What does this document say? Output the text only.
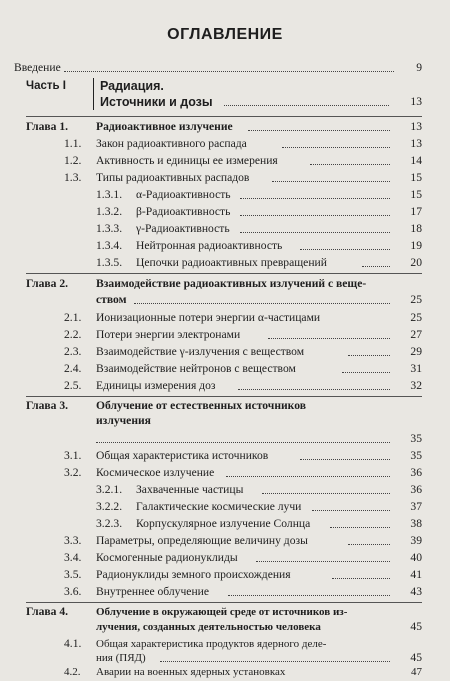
ОГЛАВЛЕНИЕ
Введение	9
Часть I	Радиация.
Источники и дозы	13
Глава 1. Радиоактивное излучение	13
1.1. Закон радиоактивного распада	13
1.2. Активность и единицы ее измерения	14
1.3. Типы радиоактивных распадов	15
1.3.1. α-Радиоактивность	15
1.3.2. β-Радиоактивность	17
1.3.3. γ-Радиоактивность	18
1.3.4. Нейтронная радиоактивность	19
1.3.5. Цепочки радиоактивных превращений	20
Глава 2. Взаимодействие радиоактивных излучений с веще-
ством	25
2.1. Ионизационные потери энергии α-частицами	25
2.2. Потери энергии электронами	27
2.3. Взаимодействие γ-излучения с веществом	29
2.4. Взаимодействие нейтронов с веществом	31
2.5. Единицы измерения доз	32
Глава 3. Облучение от естественных источников
излучения
35
3.1. Общая характеристика источников	35
3.2. Космическое излучение	36
3.2.1. Захваченные частицы	36
3.2.2. Галактические космические лучи	37
3.2.3. Корпускулярное излучение Солнца	38
3.3. Параметры, определяющие величину дозы	39
3.4. Космогенные радионуклиды	40
3.5. Радионуклиды земного происхождения	41
3.6. Внутреннее облучение	43
Глава 4.	Облучение в окружающей среде от источников из-
лучения, созданных деятельностью человека	45
4.1. Общая характеристика продуктов ядерного деле-
ния (ПЯД)	45
4.2. Аварии на военных ядерных установках	47
